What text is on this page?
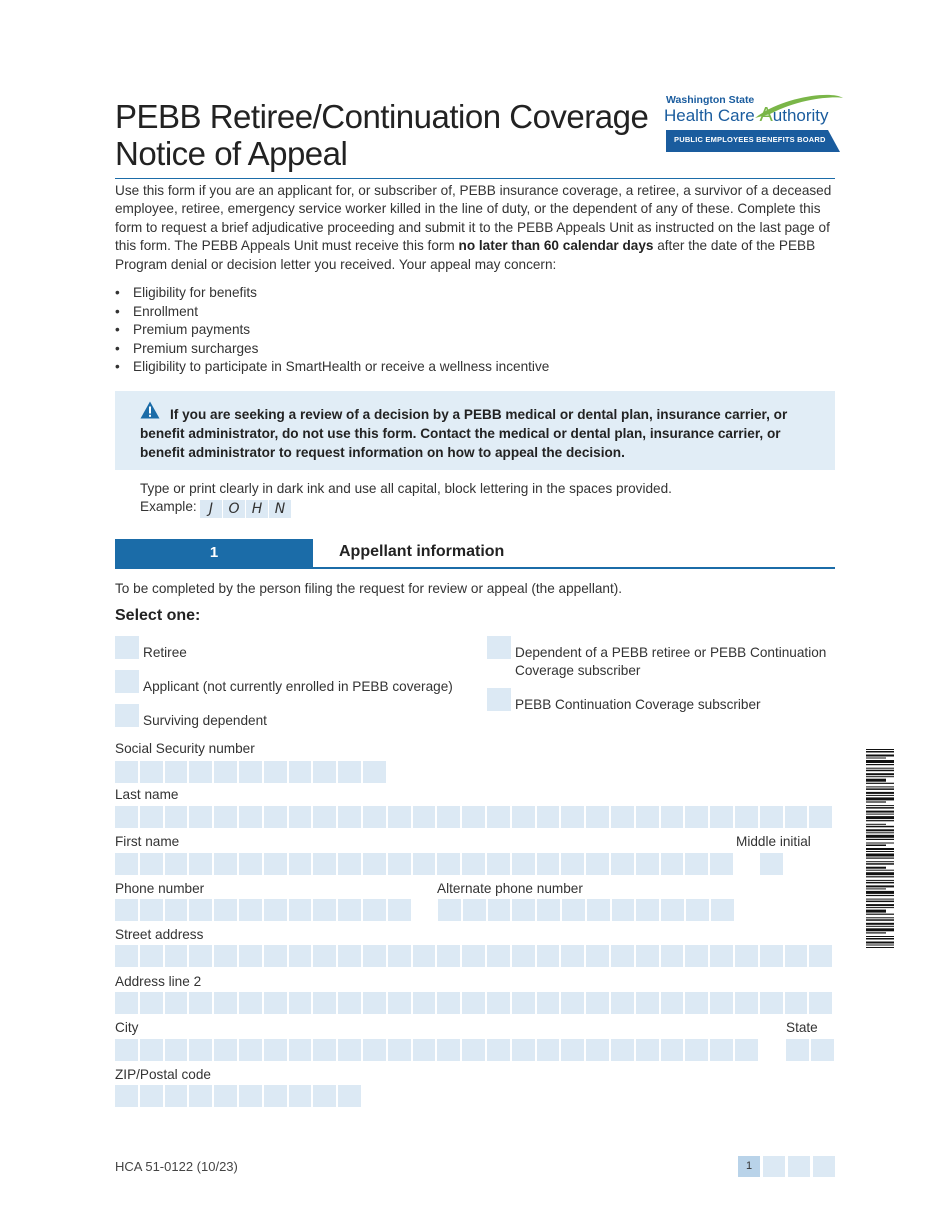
PEBB Retiree/Continuation Coverage
Notice of Appeal
Washington State
Health Care Authority
PUBLIC EMPLOYEES BENEFITS BOARD
Use this form if you are an applicant for, or subscriber of, PEBB insurance coverage, a retiree, a survivor of a deceased employee, retiree, emergency service worker killed in the line of duty, or the dependent of any of these. Complete this form to request a brief adjudicative proceeding and submit it to the PEBB Appeals Unit as instructed on the last page of this form. The PEBB Appeals Unit must receive this form no later than 60 calendar days after the date of the PEBB Program denial or decision letter you received. Your appeal may concern:
• Eligibility for benefits
• Enrollment
• Premium payments
• Premium surcharges
• Eligibility to participate in SmartHealth or receive a wellness incentive
If you are seeking a review of a decision by a PEBB medical or dental plan, insurance carrier, or benefit administrator, do not use this form. Contact the medical or dental plan, insurance carrier, or benefit administrator to request information on how to appeal the decision.
Type or print clearly in dark ink and use all capital, block lettering in the spaces provided.
Example: J	O H N
1	Appellant information
To be completed by the person filing the request for review or appeal (the appellant).
Select one:
Retiree
Applicant (not currently enrolled in PEBB coverage)
Surviving dependent
Dependent of a PEBB retiree or PEBB Continuation Coverage subscriber
PEBB Continuation Coverage subscriber
Social Security number
Last name
First name	Middle initial
Phone number	Alternate phone number
Street address
Address line 2
City	State
ZIP/Postal code
HCA 51-0122 (10/23)	1
